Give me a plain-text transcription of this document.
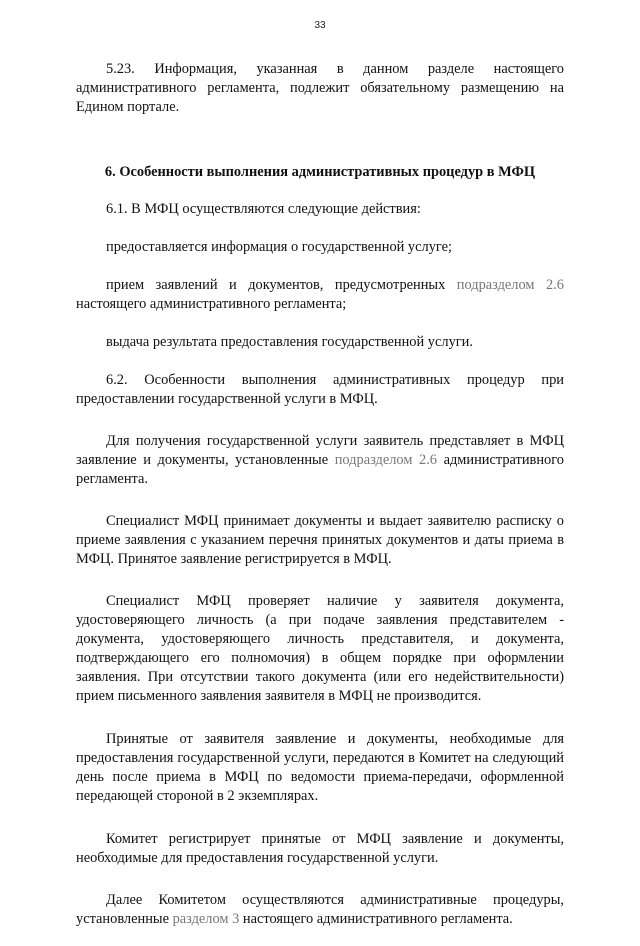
33

5.23. Информация, указанная в данном разделе настоящего административного регламента, подлежит обязательному размещению на Едином портале.

6. Особенности выполнения административных процедур в МФЦ

6.1. В МФЦ осуществляются следующие действия:

предоставляется информация о государственной услуге;

прием заявлений и документов, предусмотренных подразделом 2.6 настоящего административного регламента;

выдача результата предоставления государственной услуги.

6.2. Особенности выполнения административных процедур при предоставлении государственной услуги в МФЦ.

Для получения государственной услуги заявитель представляет в МФЦ заявление и документы, установленные подразделом 2.6 административного регламента.

Специалист МФЦ принимает документы и выдает заявителю расписку о приеме заявления с указанием перечня принятых документов и даты приема в МФЦ. Принятое заявление регистрируется в МФЦ.

Специалист МФЦ проверяет наличие у заявителя документа, удостоверяющего личность (а при подаче заявления представителем - документа, удостоверяющего личность представителя, и документа, подтверждающего его полномочия) в общем порядке при оформлении заявления. При отсутствии такого документа (или его недействительности) прием письменного заявления заявителя в МФЦ не производится.

Принятые от заявителя заявление и документы, необходимые для предоставления государственной услуги, передаются в Комитет на следующий день после приема в МФЦ по ведомости приема-передачи, оформленной передающей стороной в 2 экземплярах.

Комитет регистрирует принятые от МФЦ заявление и документы, необходимые для предоставления государственной услуги.

Далее Комитетом осуществляются административные процедуры, установленные разделом 3 настоящего административного регламента.
